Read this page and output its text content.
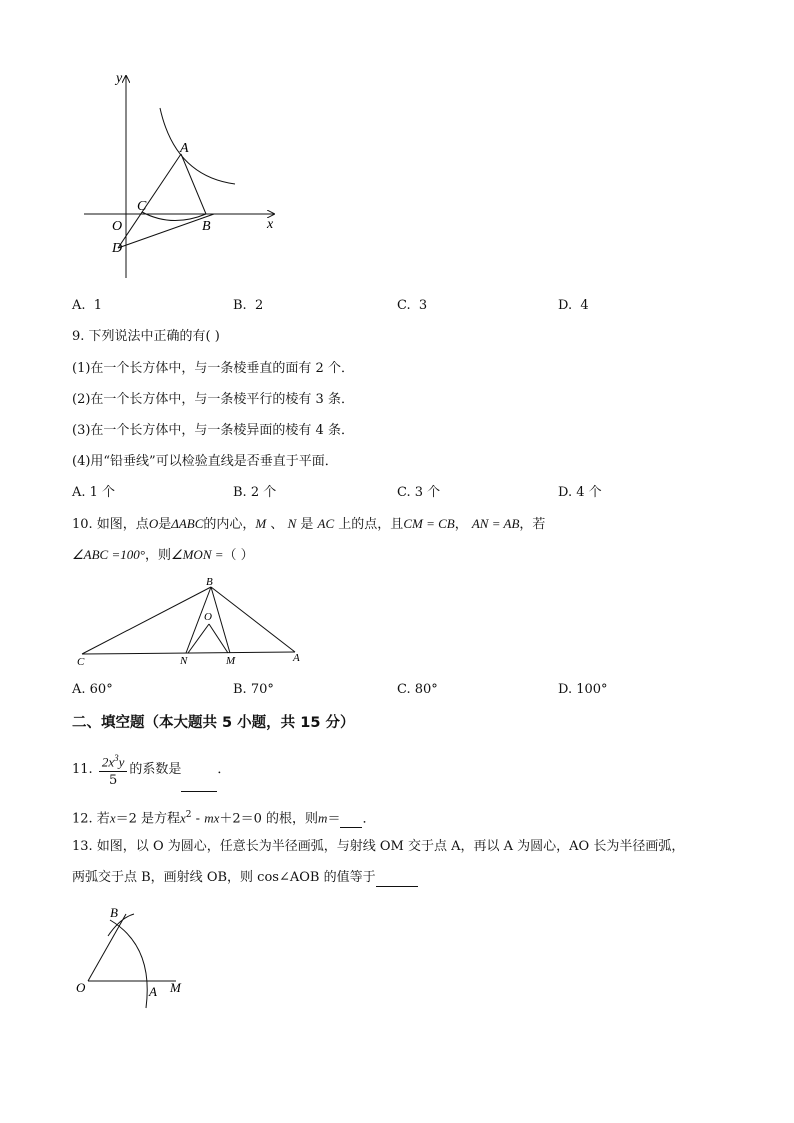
y
x
A
B
C
O
D
A. 1	B. 2	C. 3	D. 4
9. 下列说法中正确的有( )
(1)在一个长方体中，与一条棱垂直的面有 2 个．
(2)在一个长方体中，与一条棱平行的棱有 3 条．
(3)在一个长方体中，与一条棱异面的棱有 4 条．
(4)用“铅垂线”可以检验直线是否垂直于平面．
A. 1 个	B. 2 个	C. 3 个	D. 4 个
10. 如图，点O是ΔABC的内心，M 、 N 是 AC 上的点，且CM = CB， AN = AB，若
∠ABC =100°，则∠MON =（ ）
B
O
C	N	M	A
A. 60°	B. 70°	C. 80°	D. 100°
二、填空题（本大题共 5 小题，共 15 分）
11. $\frac{2x^3y}{5}$ 的系数是	．
12. 若x＝2 是方程$x^2 - mx+2=0$ 的根，则m＝ ．
13. 如图，以 O 为圆心，任意长为半径画弧，与射线 OM 交于点 A，再以 A 为圆心，AO 长为半径画弧，
两弧交于点 B，画射线 OB，则 cos∠AOB 的值等于
B
O	A M
